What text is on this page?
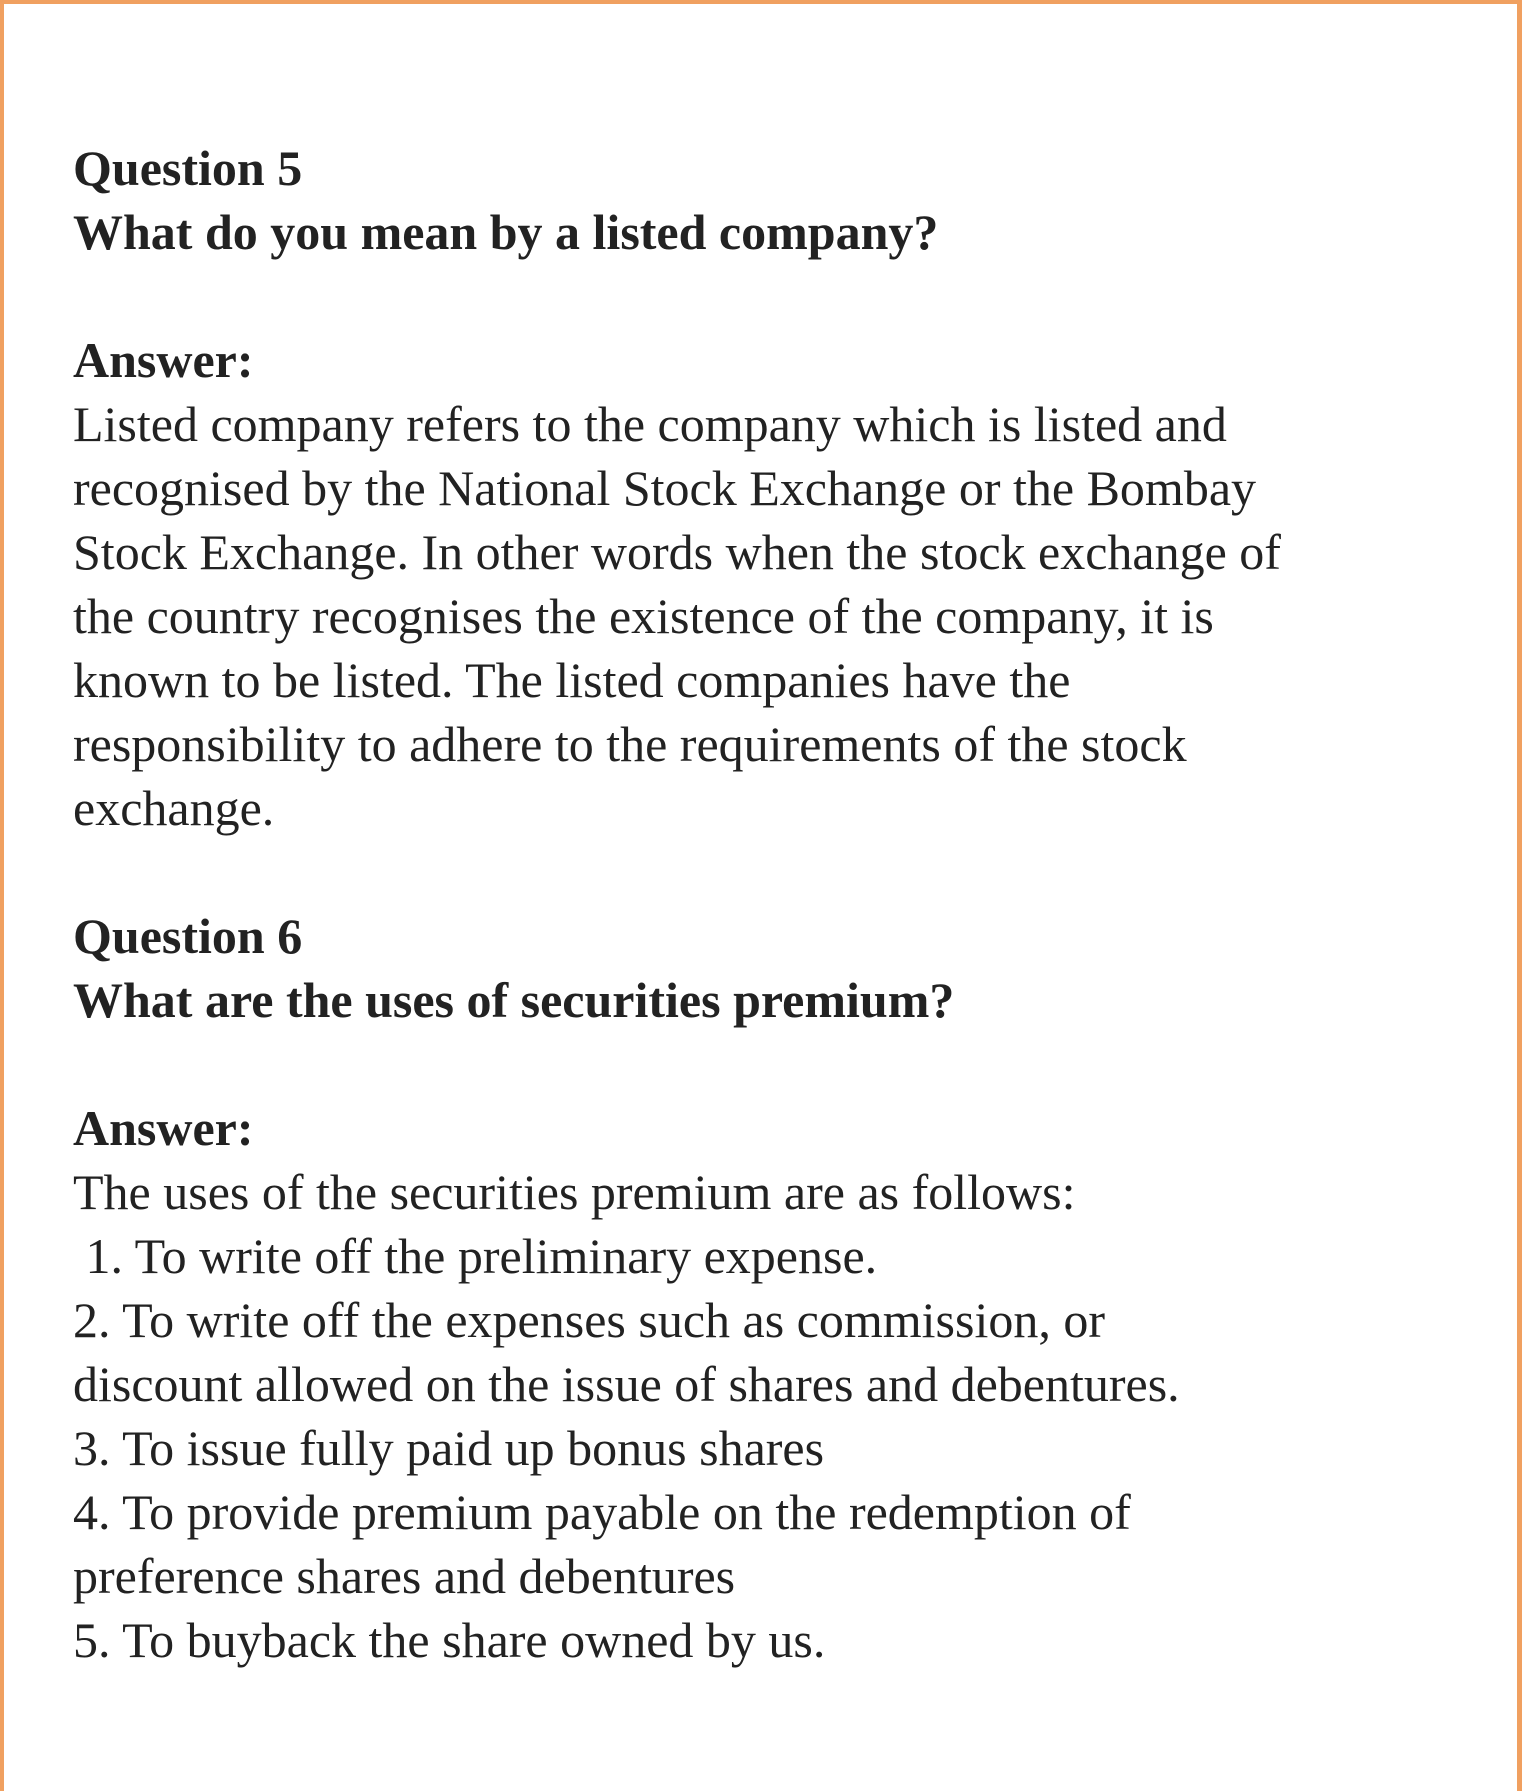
Question 5
What do you mean by a listed company?
Answer:
Listed company refers to the company which is listed and
recognised by the National Stock Exchange or the Bombay
Stock Exchange. In other words when the stock exchange of
the country recognises the existence of the company, it is
known to be listed. The listed companies have the
responsibility to adhere to the requirements of the stock
exchange.
Question 6
What are the uses of securities premium?
Answer:
The uses of the securities premium are as follows:
1. To write off the preliminary expense.
2. To write off the expenses such as commission, or
discount allowed on the issue of shares and debentures.
3. To issue fully paid up bonus shares
4. To provide premium payable on the redemption of
preference shares and debentures
5. To buyback the share owned by us.
